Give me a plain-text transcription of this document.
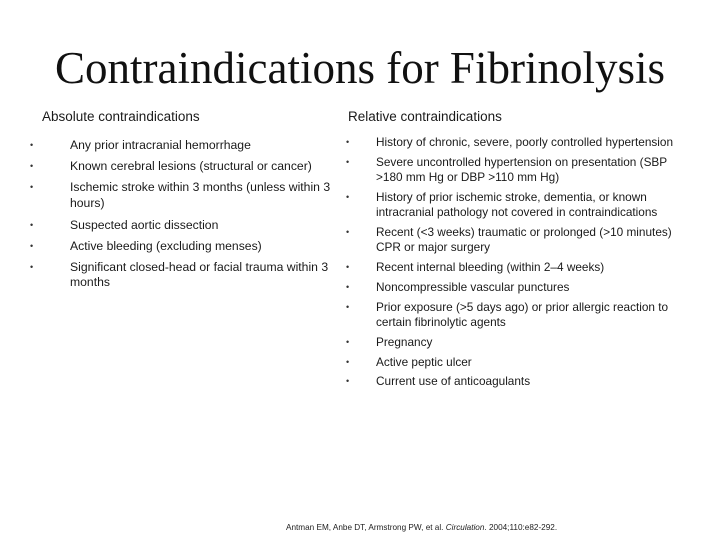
Contraindications for Fibrinolysis
Absolute contraindications	Relative contraindications
•	Any prior intracranial hemorrhage
•	Known cerebral lesions (structural or cancer)
•	Ischemic stroke within 3 months (unless within 3 hours)
•	Suspected aortic dissection
•	Active bleeding (excluding menses)
•	Significant closed-head or facial trauma within 3 months
•	History of chronic, severe, poorly controlled hypertension
•	Severe uncontrolled hypertension on presentation (SBP >180 mm Hg or DBP >110 mm Hg)
•	History of prior ischemic stroke, dementia, or known intracranial pathology not covered in contraindications
•	Recent (<3 weeks) traumatic or prolonged (>10 minutes) CPR or major surgery
•	Recent internal bleeding (within 2–4 weeks)
•	Noncompressible vascular punctures
•	Prior exposure (>5 days ago) or prior allergic reaction to certain fibrinolytic agents
•	Pregnancy
•	Active peptic ulcer
•	Current use of anticoagulants
Antman EM, Anbe DT, Armstrong PW, et al. Circulation. 2004;110:e82-292.
